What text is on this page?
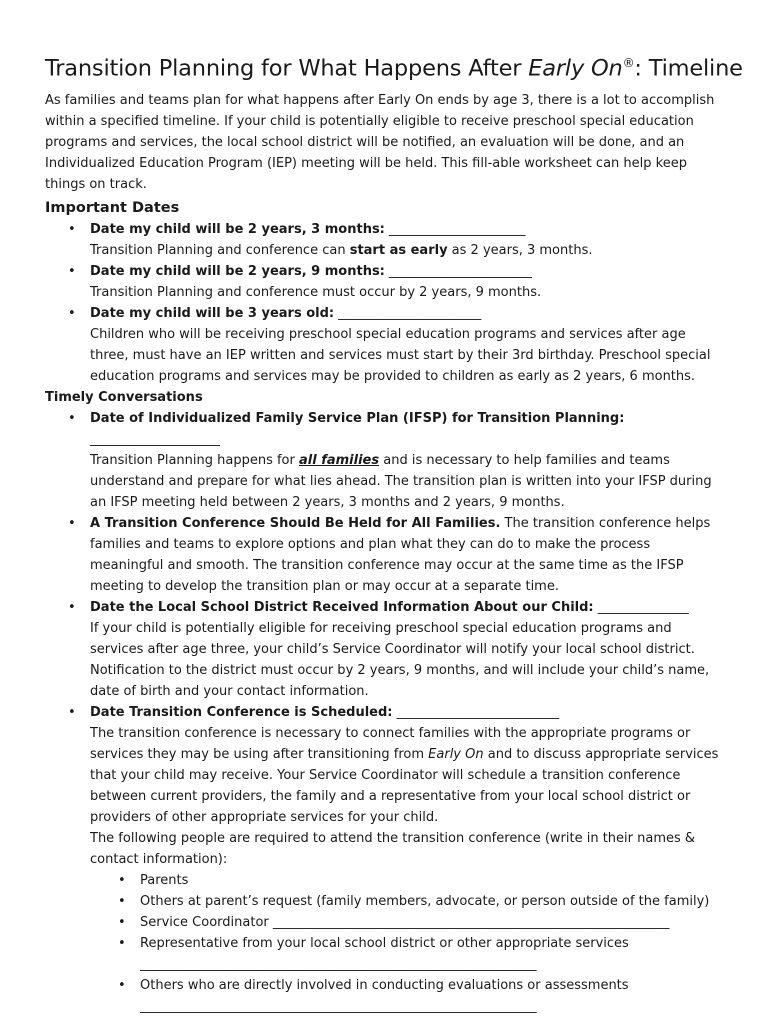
Transition Planning for What Happens After Early On®: Timeline

As families and teams plan for what happens after Early On ends by age 3, there is a lot to accomplish within a specified timeline. If your child is potentially eligible to receive preschool special education programs and services, the local school district will be notified, an evaluation will be done, and an Individualized Education Program (IEP) meeting will be held. This fill-able worksheet can help keep things on track.

Important Dates
• Date my child will be 2 years, 3 months: _____________________
Transition Planning and conference can start as early as 2 years, 3 months.
• Date my child will be 2 years, 9 months: ______________________
Transition Planning and conference must occur by 2 years, 9 months.
• Date my child will be 3 years old: ______________________
Children who will be receiving preschool special education programs and services after age three, must have an IEP written and services must start by their 3rd birthday. Preschool special education programs and services may be provided to children as early as 2 years, 6 months.
Timely Conversations
• Date of Individualized Family Service Plan (IFSP) for Transition Planning: ____________________
Transition Planning happens for all families and is necessary to help families and teams understand and prepare for what lies ahead. The transition plan is written into your IFSP during an IFSP meeting held between 2 years, 3 months and 2 years, 9 months.
• A Transition Conference Should Be Held for All Families. The transition conference helps families and teams to explore options and plan what they can do to make the process meaningful and smooth. The transition conference may occur at the same time as the IFSP meeting to develop the transition plan or may occur at a separate time.
• Date the Local School District Received Information About our Child: ______________
If your child is potentially eligible for receiving preschool special education programs and services after age three, your child’s Service Coordinator will notify your local school district. Notification to the district must occur by 2 years, 9 months, and will include your child’s name, date of birth and your contact information.
• Date Transition Conference is Scheduled: _________________________
The transition conference is necessary to connect families with the appropriate programs or services they may be using after transitioning from Early On and to discuss appropriate services that your child may receive. Your Service Coordinator will schedule a transition conference between current providers, the family and a representative from your local school district or providers of other appropriate services for your child.
The following people are required to attend the transition conference (write in their names & contact information):
• Parents
• Others at parent’s request (family members, advocate, or person outside of the family)
• Service Coordinator _____________________________________________________________
• Representative from your local school district or other appropriate services
_____________________________________________________________
• Others who are directly involved in conducting evaluations or assessments
_____________________________________________________________
